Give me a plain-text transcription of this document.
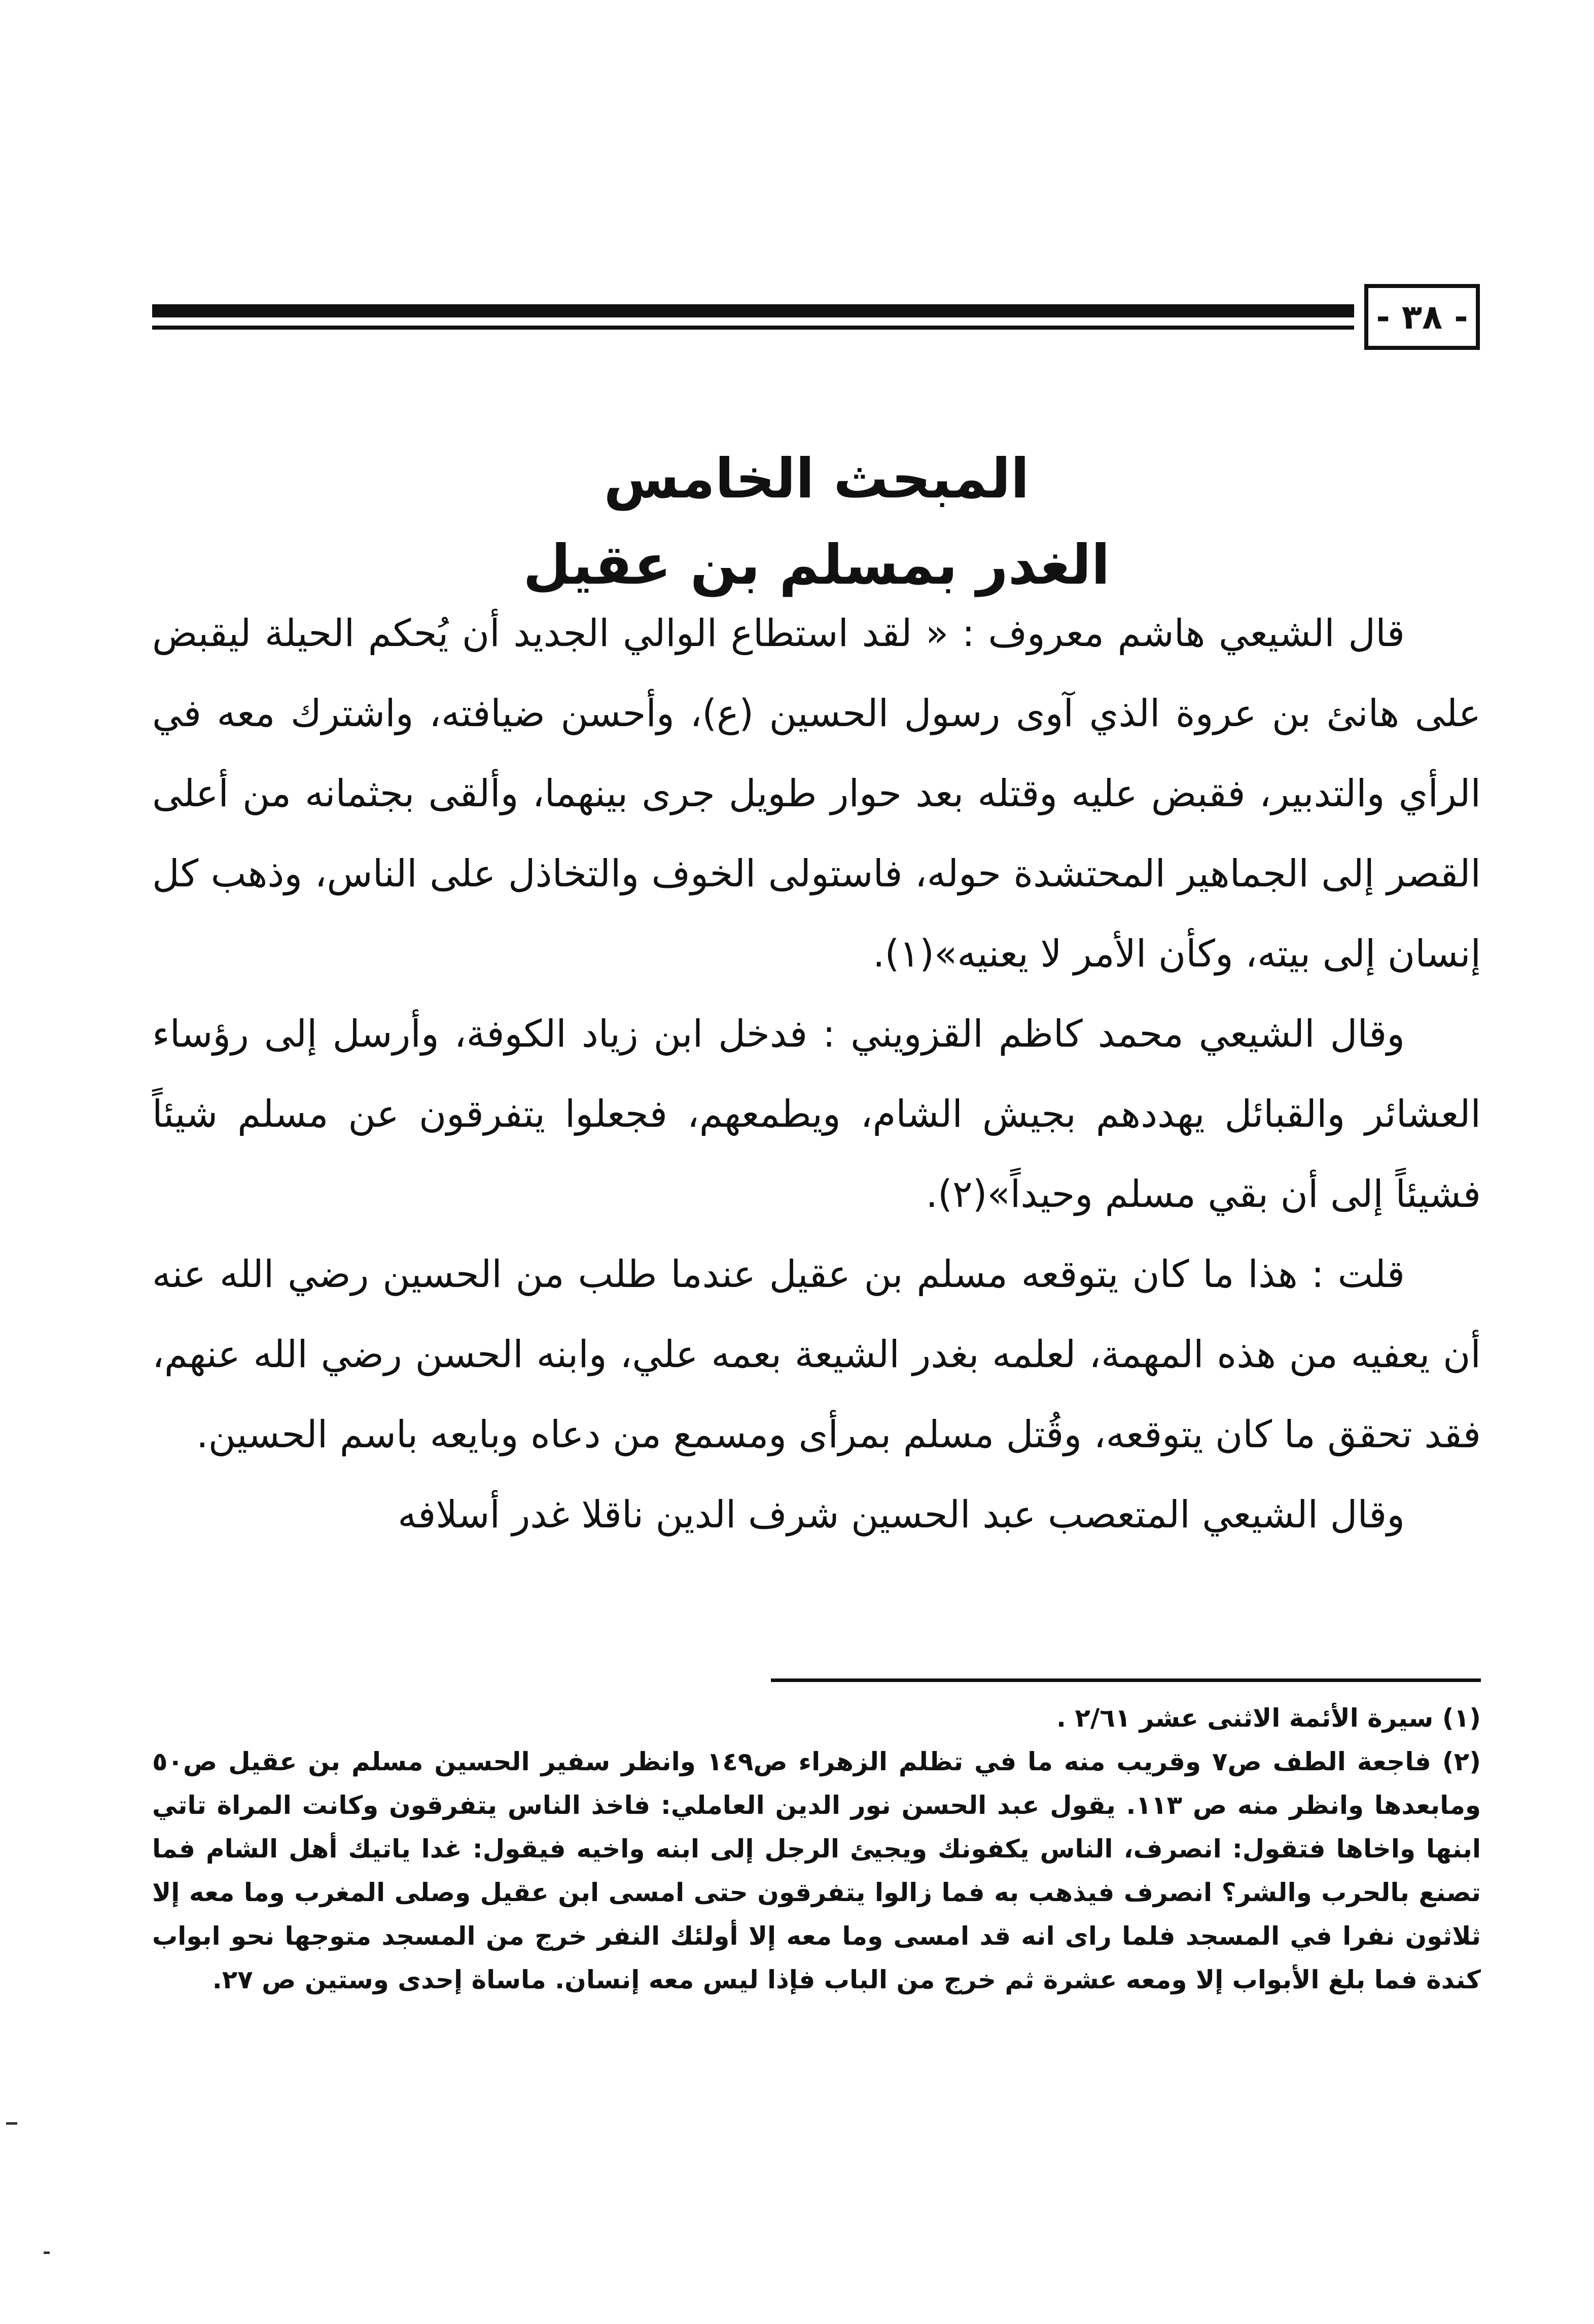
- ٣٨ -
المبحث الخامس
الغدر بمسلم بن عقيل

قال الشيعي هاشم معروف : « لقد استطاع الوالي الجديد أن يُحكم الحيلة ليقبض على هانئ بن عروة الذي آوى رسول الحسين (ع)، وأحسن ضيافته، واشترك معه في الرأي والتدبير، فقبض عليه وقتله بعد حوار طويل جرى بينهما، وألقى بجثمانه من أعلى القصر إلى الجماهير المحتشدة حوله، فاستولى الخوف والتخاذل على الناس، وذهب كل إنسان إلى بيته، وكأن الأمر لا يعنيه»(١).

وقال الشيعي محمد كاظم القزويني : فدخل ابن زياد الكوفة، وأرسل إلى رؤساء العشائر والقبائل يهددهم بجيش الشام، ويطمعهم، فجعلوا يتفرقون عن مسلم شيئاً فشيئاً إلى أن بقي مسلم وحيداً»(٢).

قلت : هذا ما كان يتوقعه مسلم بن عقيل عندما طلب من الحسين رضي الله عنه أن يعفيه من هذه المهمة، لعلمه بغدر الشيعة بعمه علي، وابنه الحسن رضي الله عنهم، فقد تحقق ما كان يتوقعه، وقُتل مسلم بمرأى ومسمع من دعاه وبايعه باسم الحسين.

وقال الشيعي المتعصب عبد الحسين شرف الدين ناقلا غدر أسلافه

(١) سيرة الأئمة الاثنى عشر ٢/٦١ .

(٢) فاجعة الطف ص٧ وقريب منه ما في تظلم الزهراء ص١٤٩ وانظر سفير الحسين مسلم بن عقيل ص٥٠ ومابعدها وانظر منه ص ١١٣. يقول عبد الحسن نور الدين العاملي: فاخذ الناس يتفرقون وكانت المراة تاتي ابنها واخاها فتقول: انصرف، الناس يكفونك ويجيئ الرجل إلى ابنه واخيه فيقول: غدا ياتيك أهل الشام فما تصنع بالحرب والشر؟ انصرف فيذهب به فما زالوا يتفرقون حتى امسى ابن عقيل وصلى المغرب وما معه إلا ثلاثون نفرا في المسجد فلما راى انه قد امسى وما معه إلا أولئك النفر خرج من المسجد متوجها نحو ابواب كندة فما بلغ الأبواب إلا ومعه عشرة ثم خرج من الباب فإذا ليس معه إنسان. ماساة إحدى وستين ص ٢٧.
